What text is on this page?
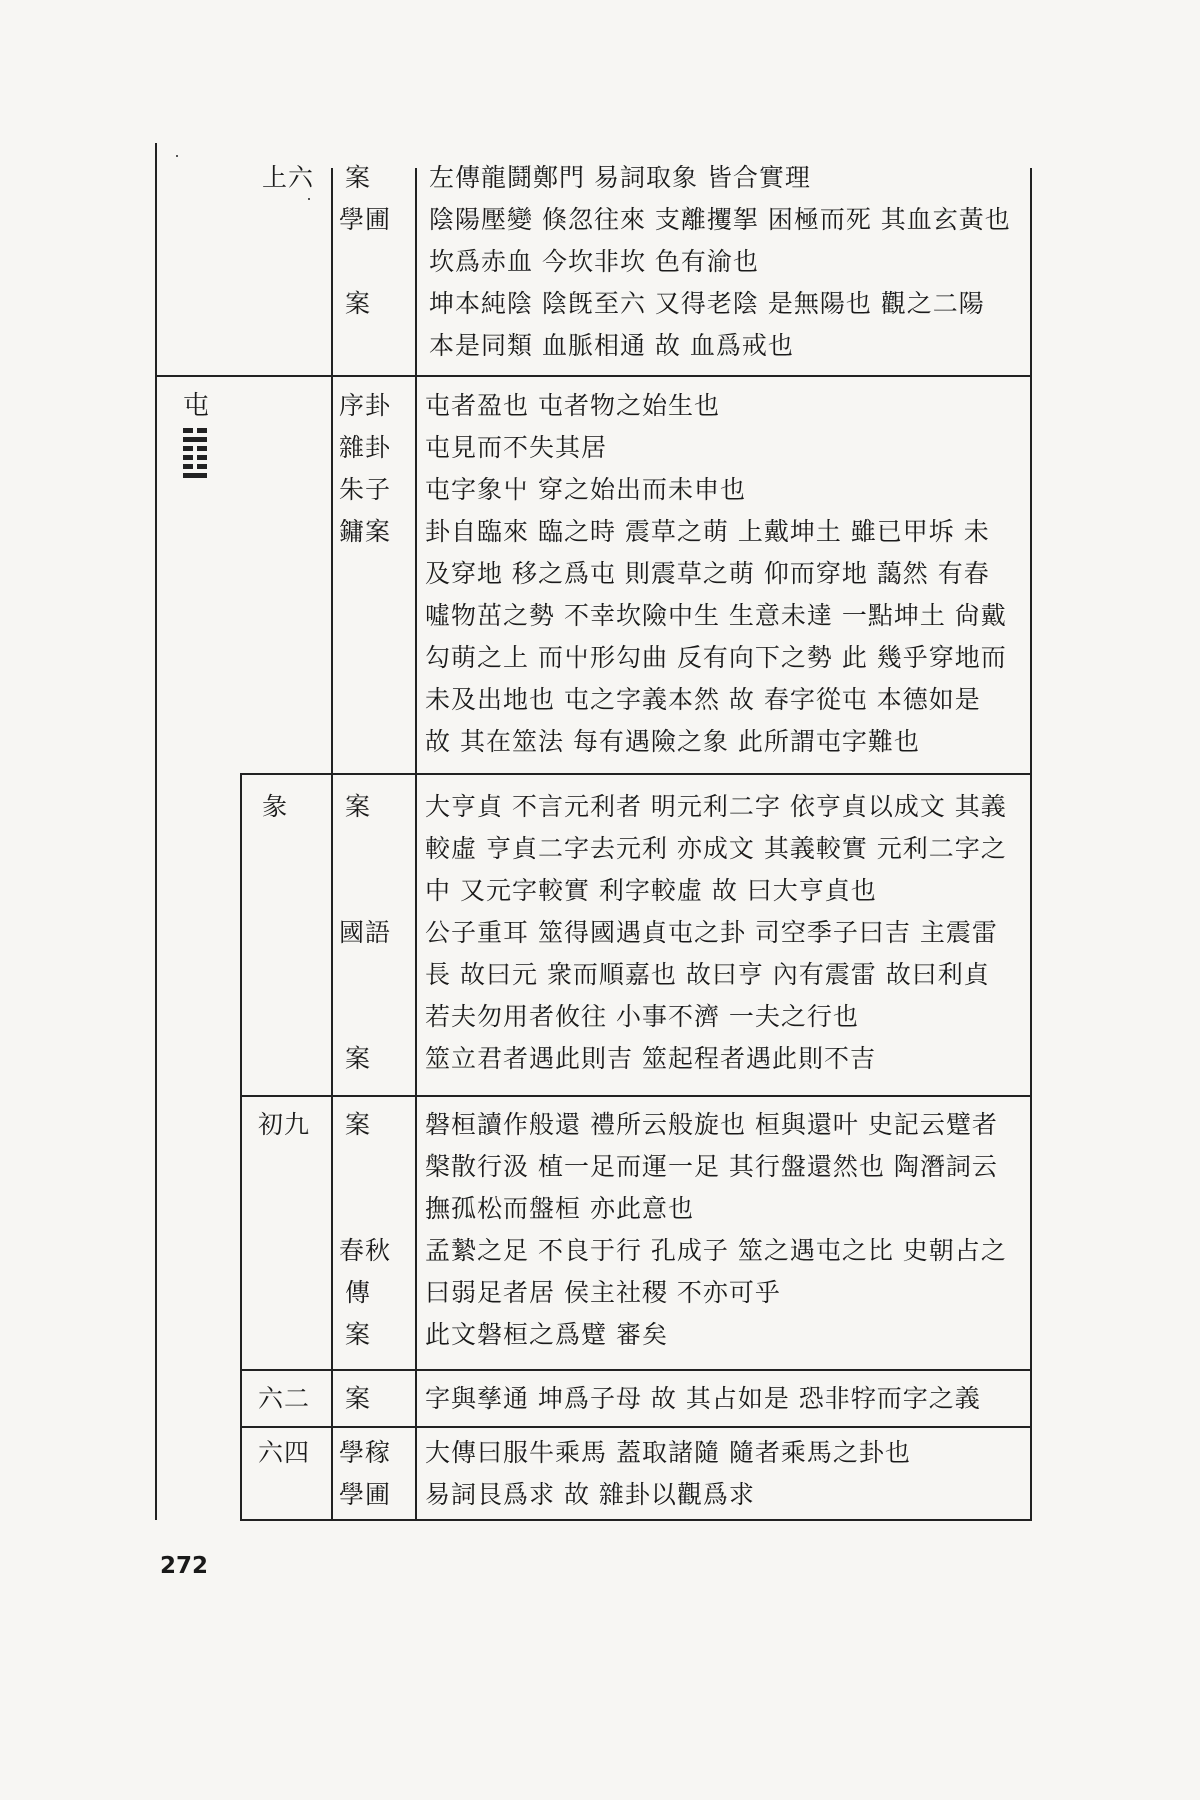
屯
上六 案 左傳龍鬪鄭門 易詞取象 皆合實理
學圃 陰陽壓變 倏忽往來 支離攫挐 困極而死 其血玄黃也
坎爲赤血 今坎非坎 色有渝也
案 坤本純陰 陰旣至六 又得老陰 是無陽也 觀之二陽
本是同類 血脈相通 故 血爲戒也
序卦 屯者盈也 屯者物之始生也
雜卦 屯見而不失其居
朱子 屯字象屮 穿之始出而未申也
鏞案 卦自臨來 臨之時 震草之萌 上戴坤土 雖已甲坼 未
及穿地 移之爲屯 則震草之萌 仰而穿地 藹然 有春
噓物茁之勢 不幸坎險中生 生意未達 一點坤土 尙戴
勾萌之上 而屮形勾曲 反有向下之勢 此 幾乎穿地而
未及出地也 屯之字義本然 故 春字從屯 本德如是
故 其在筮法 每有遇險之象 此所謂屯字難也
彖 案 大亨貞 不言元利者 明元利二字 依亨貞以成文 其義
較虛 亨貞二字去元利 亦成文 其義較實 元利二字之
中 又元字較實 利字較虛 故 曰大亨貞也
國語 公子重耳 筮得國遇貞屯之卦 司空季子曰吉 主震雷
長 故曰元 衆而順嘉也 故曰亨 內有震雷 故曰利貞
若夫勿用者攸往 小事不濟 一夫之行也
案 筮立君者遇此則吉 筮起程者遇此則不吉
初九 案 磐桓讀作般還 禮所云般旋也 桓與還叶 史記云躄者
槃散行汲 植一足而運一足 其行盤還然也 陶潛詞云
撫孤松而盤桓 亦此意也
春秋 孟縶之足 不良于行 孔成子 筮之遇屯之比 史朝占之
傳 曰弱足者居 侯主社稷 不亦可乎
案 此文磐桓之爲躄 審矣
六二 案 字與孳通 坤爲子母 故 其占如是 恐非牸而字之義
六四 學稼 大傳曰服牛乘馬 蓋取諸隨 隨者乘馬之卦也
學圃 易詞艮爲求 故 雜卦以觀爲求
272
